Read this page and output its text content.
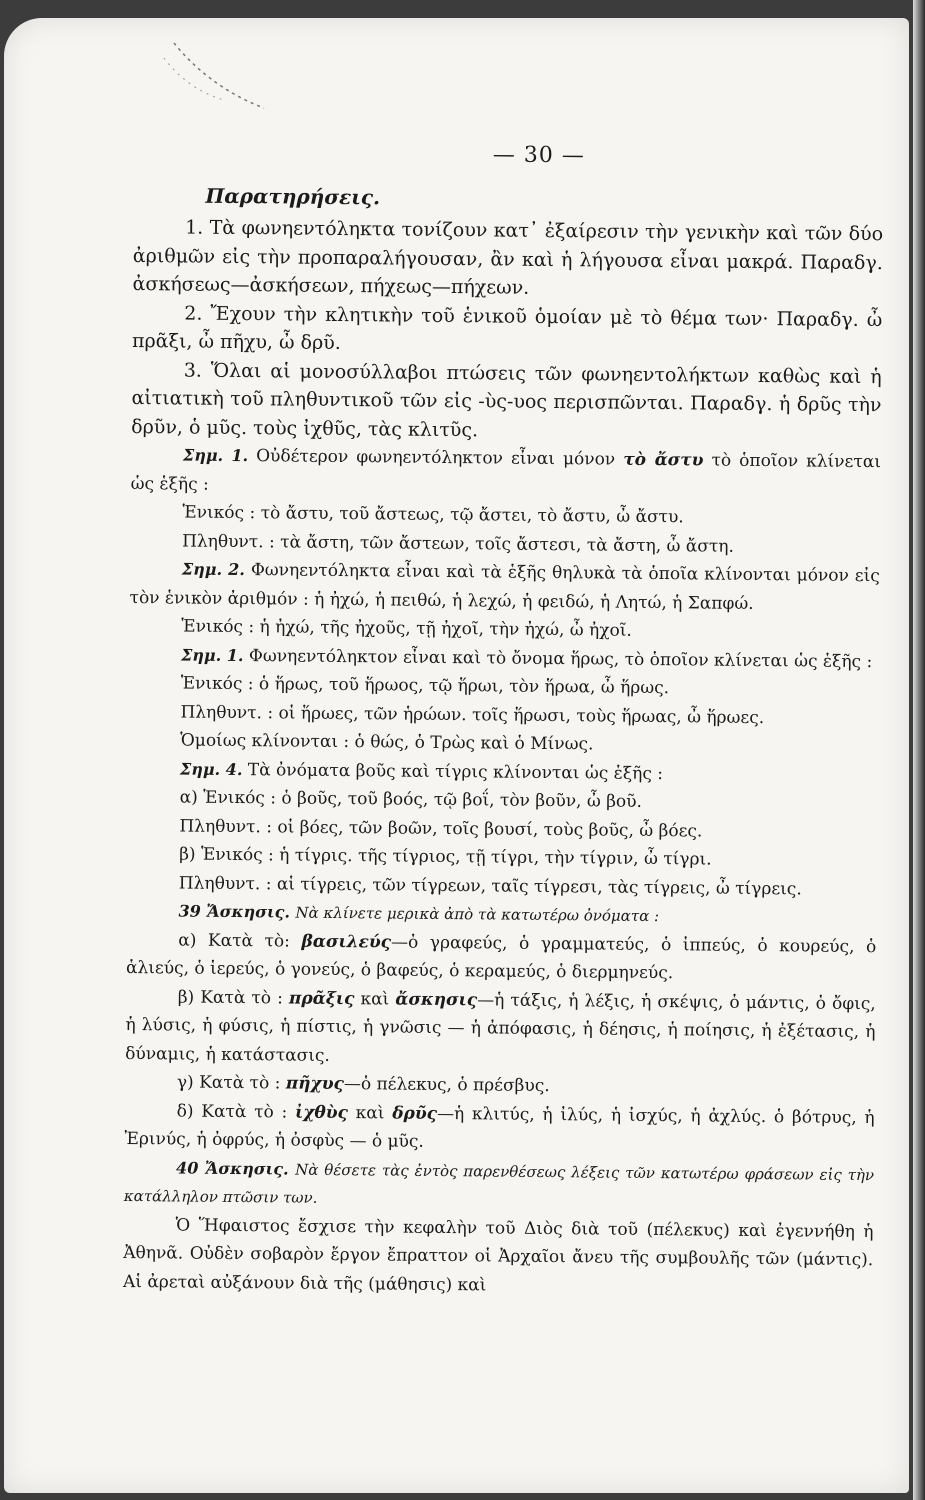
— 30 —
Παρατηρήσεις.

1. Τὰ φωνηεντόληκτα τονίζουν κατ᾿ ἐξαίρεσιν τὴν γενικὴν καὶ τῶν δύο ἀριθμῶν εἰς τὴν προπαραλήγουσαν, ἂν καὶ ἡ λήγουσα εἶναι μακρά. Παραδγ. ἀσκήσεως—ἀσκήσεων, πήχεως—πήχεων.

2. Ἔχουν τὴν κλητικὴν τοῦ ἑνικοῦ ὁμοίαν μὲ τὸ θέμα των· Παραδγ. ὦ πρᾶξι, ὦ πῆχυ, ὦ δρῦ.

3. Ὅλαι αἱ μονοσύλλαβοι πτώσεις τῶν φωνηεντολήκτων καθὼς καὶ ἡ αἰτιατικὴ τοῦ πληθυντικοῦ τῶν εἰς -ὺς-υος περισπῶνται. Παραδγ. ἡ δρῦς τὴν δρῦν, ὁ μῦς. τοὺς ἰχθῦς, τὰς κλιτῦς.

Σημ. 1. Οὐδέτερον φωνηεντόληκτον εἶναι μόνον τὸ ἄστυ τὸ ὁποῖον κλίνεται ὡς ἑξῆς :

Ἑνικός : τὸ ἄστυ, τοῦ ἄστεως, τῷ ἄστει, τὸ ἄστυ, ὦ ἄστυ.

Πληθυντ. : τὰ ἄστη, τῶν ἄστεων, τοῖς ἄστεσι, τὰ ἄστη, ὦ ἄστη.

Σημ. 2. Φωνηεντόληκτα εἶναι καὶ τὰ ἑξῆς θηλυκὰ τὰ ὁποῖα κλίνονται μόνον εἰς τὸν ἑνικὸν ἀριθμόν : ἡ ἠχώ, ἡ πειθώ, ἡ λεχώ, ἡ φειδώ, ἡ Λητώ, ἡ Σαπφώ.

Ἑνικός : ἡ ἠχώ, τῆς ἠχοῦς, τῇ ἠχοῖ, τὴν ἠχώ, ὦ ἠχοῖ.

Σημ. 1. Φωνηεντόληκτον εἶναι καὶ τὸ ὄνομα ἥρως, τὸ ὁποῖον κλίνεται ὡς ἑξῆς :

Ἑνικός : ὁ ἥρως, τοῦ ἥρωος, τῷ ἥρωι, τὸν ἥρωα, ὦ ἥρως.

Πληθυντ. : οἱ ἥρωες, τῶν ἡρώων. τοῖς ἥρωσι, τοὺς ἥρωας, ὦ ἥρωες.

Ὁμοίως κλίνονται : ὁ θώς, ὁ Τρὼς καὶ ὁ Μίνως.

Σημ. 4. Τὰ ὀνόματα βοῦς καὶ τίγρις κλίνονται ὡς ἑξῆς :

α) Ἑνικός : ὁ βοῦς, τοῦ βοός, τῷ βοΐ, τὸν βοῦν, ὦ βοῦ.

Πληθυντ. : οἱ βόες, τῶν βοῶν, τοῖς βουσί, τοὺς βοῦς, ὦ βόες.

β) Ἑνικός : ἡ τίγρις. τῆς τίγριος, τῇ τίγρι, τὴν τίγριν, ὦ τίγρι.

Πληθυντ. : αἱ τίγρεις, τῶν τίγρεων, ταῖς τίγρεσι, τὰς τίγρεις, ὦ τίγρεις.

39 Ἄσκησις. Νὰ κλίνετε μερικὰ ἀπὸ τὰ κατωτέρω ὀνόματα :

α) Κατὰ τὸ: βασιλεύς—ὁ γραφεύς, ὁ γραμματεύς, ὁ ἱππεύς, ὁ κουρεύς, ὁ ἁλιεύς, ὁ ἱερεύς, ὁ γονεύς, ὁ βαφεύς, ὁ κεραμεύς, ὁ διερμηνεύς.

β) Κατὰ τὸ : πρᾶξις καὶ ἄσκησις—ἡ τάξις, ἡ λέξις, ἡ σκέψις, ὁ μάντις, ὁ ὄφις, ἡ λύσις, ἡ φύσις, ἡ πίστις, ἡ γνῶσις — ἡ ἀπόφασις, ἡ δέησις, ἡ ποίησις, ἡ ἐξέτασις, ἡ δύναμις, ἡ κατάστασις.

γ) Κατὰ τὸ : πῆχυς—ὁ πέλεκυς, ὁ πρέσβυς.

δ) Κατὰ τὸ : ἰχθὺς καὶ δρῦς—ἡ κλιτύς, ἡ ἰλύς, ἡ ἰσχύς, ἡ ἀχλύς. ὁ βότρυς, ἡ Ἐρινύς, ἡ ὀφρύς, ἡ ὀσφὺς — ὁ μῦς.

40 Ἄσκησις. Νὰ θέσετε τὰς ἐντὸς παρενθέσεως λέξεις τῶν κατωτέρω φράσεων εἰς τὴν κατάλληλον πτῶσιν των.

Ὁ Ἥφαιστος ἔσχισε τὴν κεφαλὴν τοῦ Διὸς διὰ τοῦ (πέλεκυς) καὶ ἐγεννήθη ἡ Ἀθηνᾶ. Οὐδὲν σοβαρὸν ἔργον ἔπραττον οἱ Ἀρχαῖοι ἄνευ τῆς συμβουλῆς τῶν (μάντις). Αἱ ἀρεταὶ αὐξάνουν διὰ τῆς (μάθησις) καὶ
